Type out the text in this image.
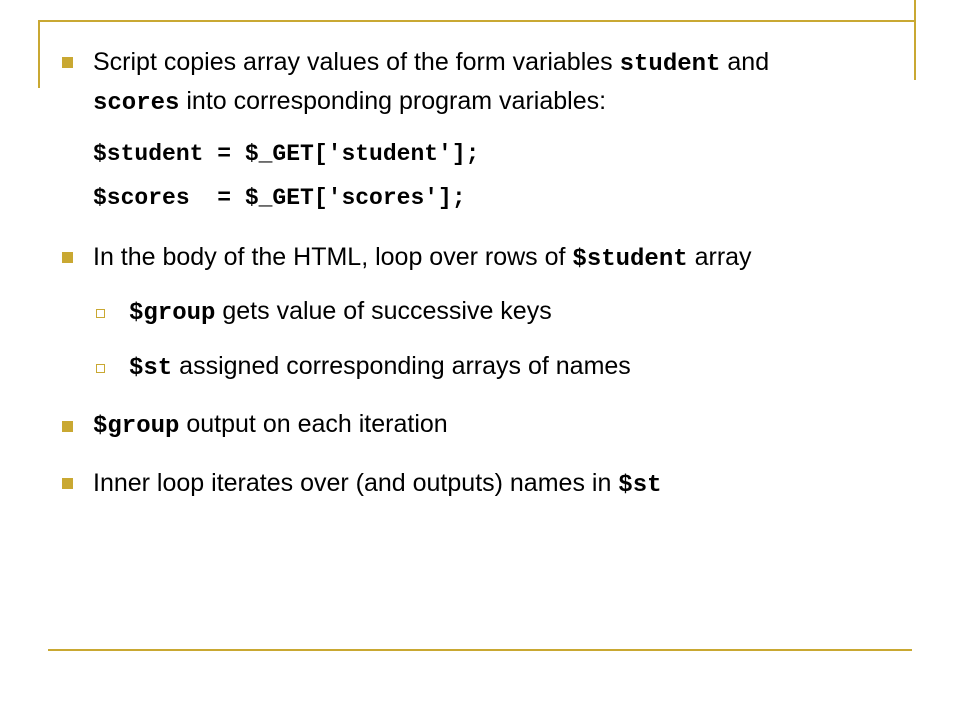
Script copies array values of the form variables student and
scores into corresponding program variables:
$student = $_GET['student'];
$scores  = $_GET['scores'];
In the body of the HTML, loop over rows of $student array
$group gets value of successive keys
$st assigned corresponding arrays of names
$group output on each iteration
Inner loop iterates over (and outputs) names in $st
